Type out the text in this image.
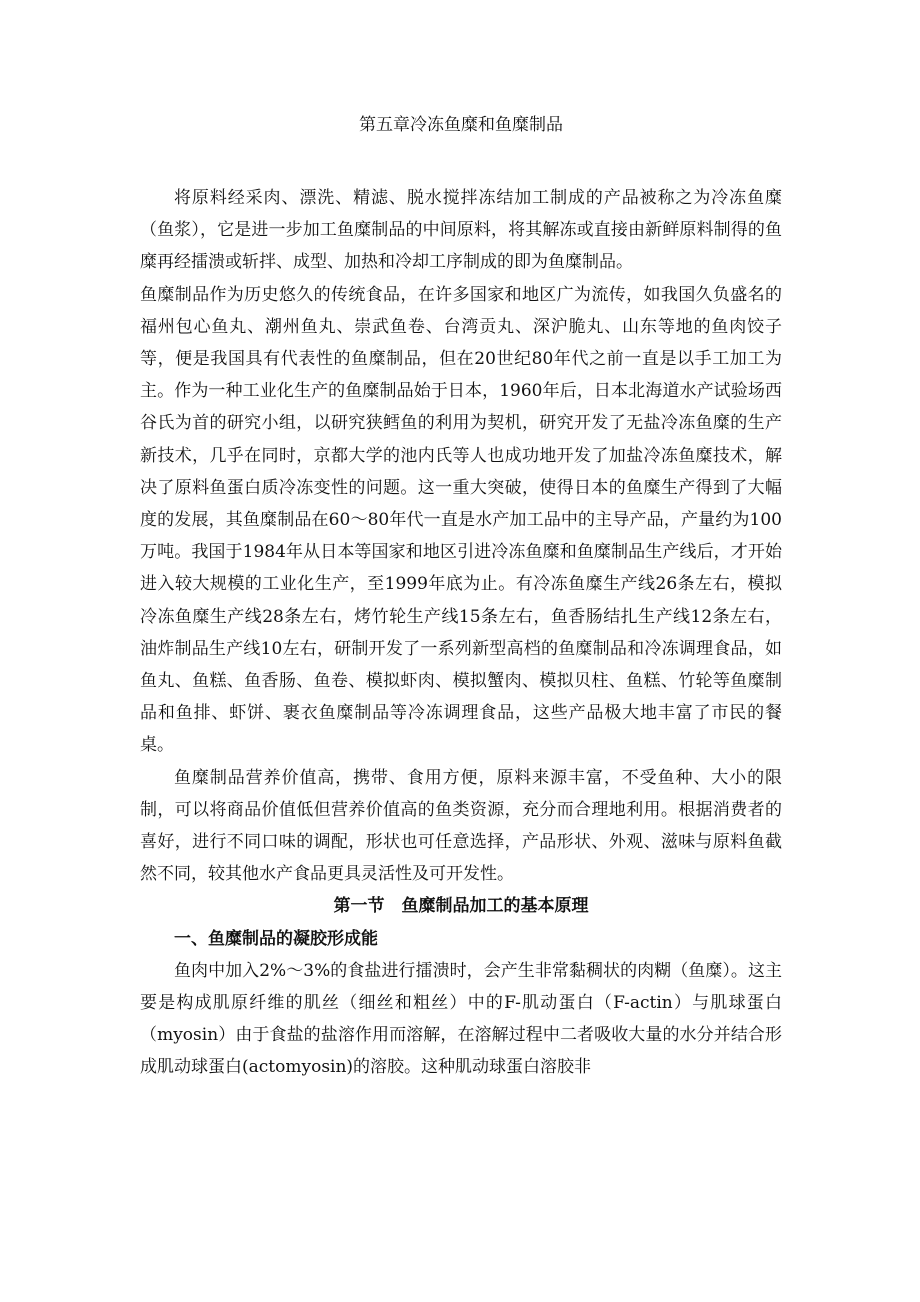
第五章冷冻鱼糜和鱼糜制品

将原料经采肉、漂洗、精滤、脱水搅拌冻结加工制成的产品被称之为冷冻鱼糜（鱼浆），它是进一步加工鱼糜制品的中间原料，将其解冻或直接由新鲜原料制得的鱼糜再经擂溃或斩拌、成型、加热和冷却工序制成的即为鱼糜制品。

鱼糜制品作为历史悠久的传统食品，在许多国家和地区广为流传，如我国久负盛名的福州包心鱼丸、潮州鱼丸、崇武鱼卷、台湾贡丸、深沪脆丸、山东等地的鱼肉饺子等，便是我国具有代表性的鱼糜制品，但在20世纪80年代之前一直是以手工加工为主。作为一种工业化生产的鱼糜制品始于日本，1960年后，日本北海道水产试验场西谷氏为首的研究小组，以研究狭鳕鱼的利用为契机，研究开发了无盐冷冻鱼糜的生产新技术，几乎在同时，京都大学的池内氏等人也成功地开发了加盐冷冻鱼糜技术，解决了原料鱼蛋白质冷冻变性的问题。这一重大突破，使得日本的鱼糜生产得到了大幅度的发展，其鱼糜制品在60～80年代一直是水产加工品中的主导产品，产量约为100万吨。我国于1984年从日本等国家和地区引进冷冻鱼糜和鱼糜制品生产线后，才开始进入较大规模的工业化生产，至1999年底为止。有冷冻鱼糜生产线26条左右，模拟冷冻鱼糜生产线28条左右，烤竹轮生产线15条左右，鱼香肠结扎生产线12条左右，油炸制品生产线10左右，研制开发了一系列新型高档的鱼糜制品和冷冻调理食品，如鱼丸、鱼糕、鱼香肠、鱼卷、模拟虾肉、模拟蟹肉、模拟贝柱、鱼糕、竹轮等鱼糜制品和鱼排、虾饼、裹衣鱼糜制品等冷冻调理食品，这些产品极大地丰富了市民的餐桌。

鱼糜制品营养价值高，携带、食用方便，原料来源丰富，不受鱼种、大小的限制，可以将商品价值低但营养价值高的鱼类资源，充分而合理地利用。根据消费者的喜好，进行不同口味的调配，形状也可任意选择，产品形状、外观、滋味与原料鱼截然不同，较其他水产食品更具灵活性及可开发性。

第一节　鱼糜制品加工的基本原理

一、鱼糜制品的凝胶形成能

鱼肉中加入2%～3%的食盐进行擂溃时，会产生非常黏稠状的肉糊（鱼糜）。这主要是构成肌原纤维的肌丝（细丝和粗丝）中的F-肌动蛋白（F-actin）与肌球蛋白（myosin）由于食盐的盐溶作用而溶解，在溶解过程中二者吸收大量的水分并结合形成肌动球蛋白(actomyosin)的溶胶。这种肌动球蛋白溶胶非
